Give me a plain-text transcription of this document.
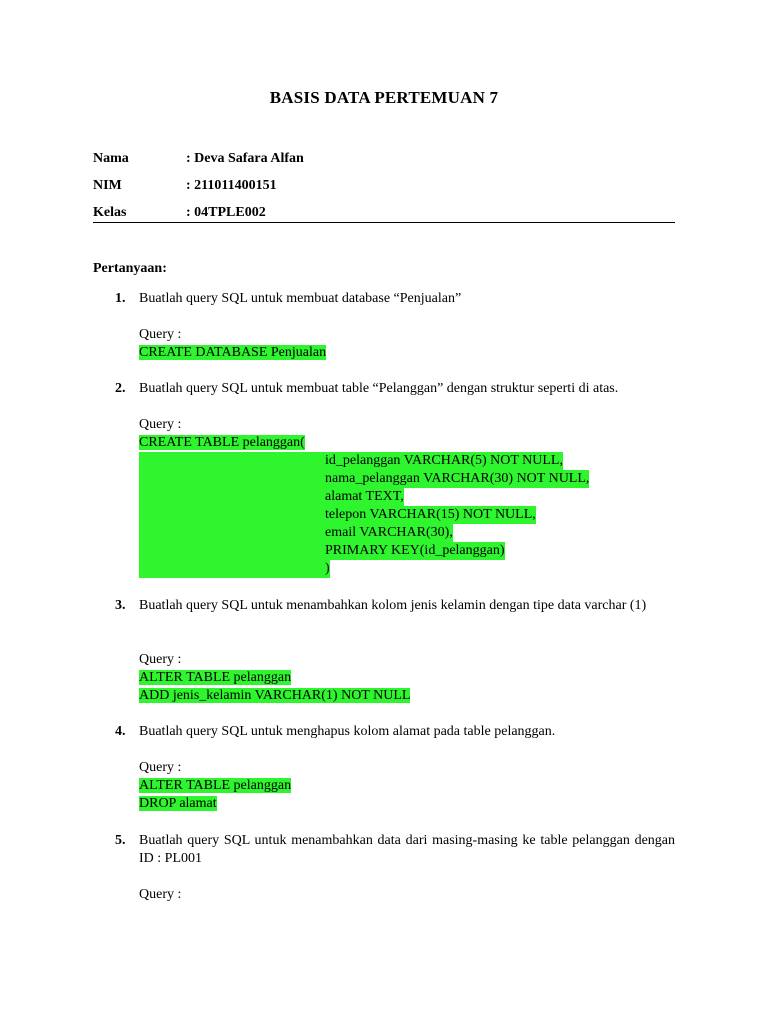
BASIS DATA PERTEMUAN 7
Nama	: Deva Safara Alfan
NIM	: 211011400151
Kelas	: 04TPLE002
Pertanyaan:
1. Buatlah query SQL untuk membuat database “Penjualan”
Query :
CREATE DATABASE Penjualan
2. Buatlah query SQL untuk membuat table “Pelanggan” dengan struktur seperti di atas.
Query :
CREATE TABLE pelanggan(
id_pelanggan VARCHAR(5) NOT NULL,
nama_pelanggan VARCHAR(30) NOT NULL,
alamat TEXT,
telepon VARCHAR(15) NOT NULL,
email VARCHAR(30),
PRIMARY KEY(id_pelanggan)
)
3. Buatlah query SQL untuk menambahkan kolom jenis kelamin dengan tipe data varchar (1)
Query :
ALTER TABLE pelanggan
ADD jenis_kelamin VARCHAR(1) NOT NULL
4. Buatlah query SQL untuk menghapus kolom alamat pada table pelanggan.
Query :
ALTER TABLE pelanggan
DROP alamat
5. Buatlah query SQL untuk menambahkan data dari masing-masing ke table pelanggan dengan ID : PL001
Query :
